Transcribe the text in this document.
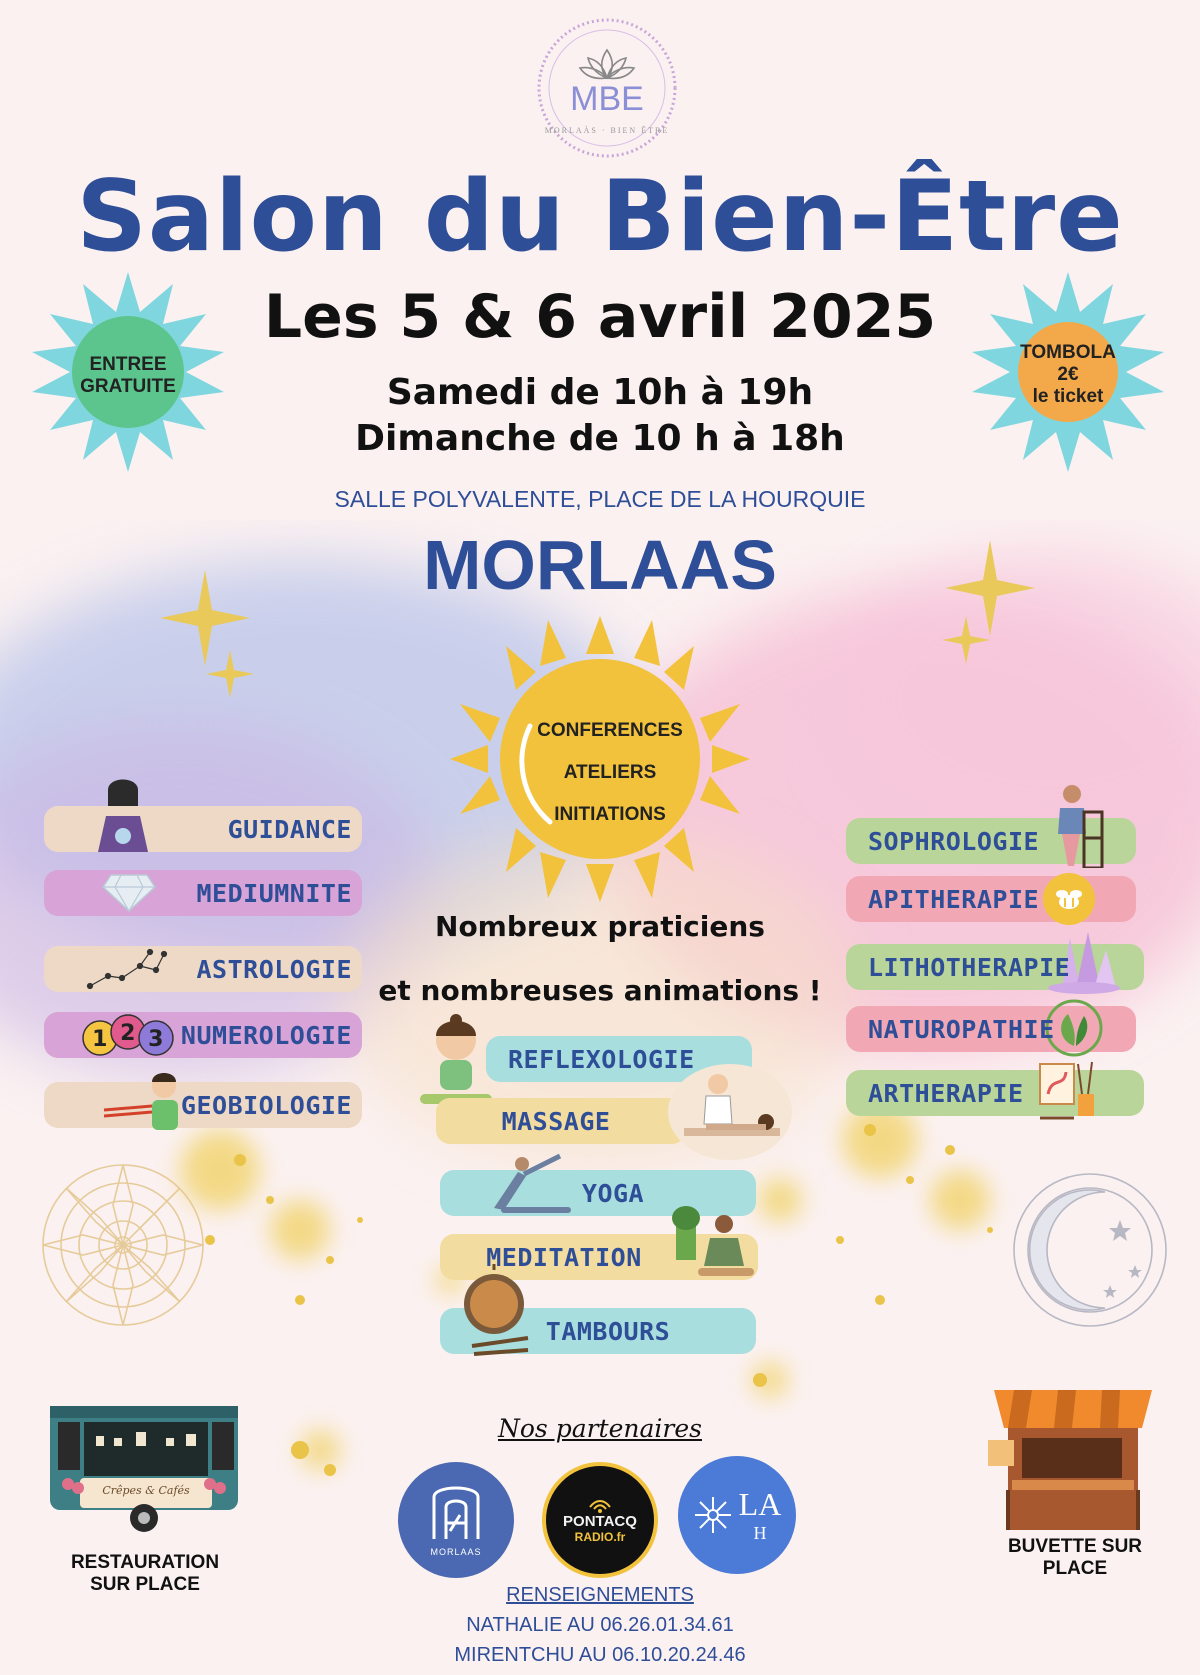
MBE
MORLAÀS · BIEN ÊTRE
Salon du Bien-Être
ENTREE
GRATUITE
TOMBOLA
2€
le ticket
Les 5 & 6 avril 2025
Samedi de 10h à 19h
Dimanche de 10 h à 18h
SALLE POLYVALENTE, PLACE DE LA HOURQUIE
MORLAAS
CONFERENCES
ATELIERS
INITIATIONS
Nombreux praticiens
et nombreuses animations !
GUIDANCE
MEDIUMNITE
ASTROLOGIE
1 2 3 NUMEROLOGIE
GEOBIOLOGIE
SOPHROLOGIE
APITHERAPIE
LITHOTHERAPIE
NATUROPATHIE
ARTHERAPIE
REFLEXOLOGIE
MASSAGE
YOGA
MEDITATION
TAMBOURS
Crêpes & Cafés
RESTAURATION
SUR PLACE
BUVETTE SUR
PLACE
Nos partenaires
MORLAAS
PONTACQ
RADIO.fr
LA
H
RENSEIGNEMENTS
NATHALIE AU 06.26.01.34.61
MIRENTCHU AU 06.10.20.24.46
